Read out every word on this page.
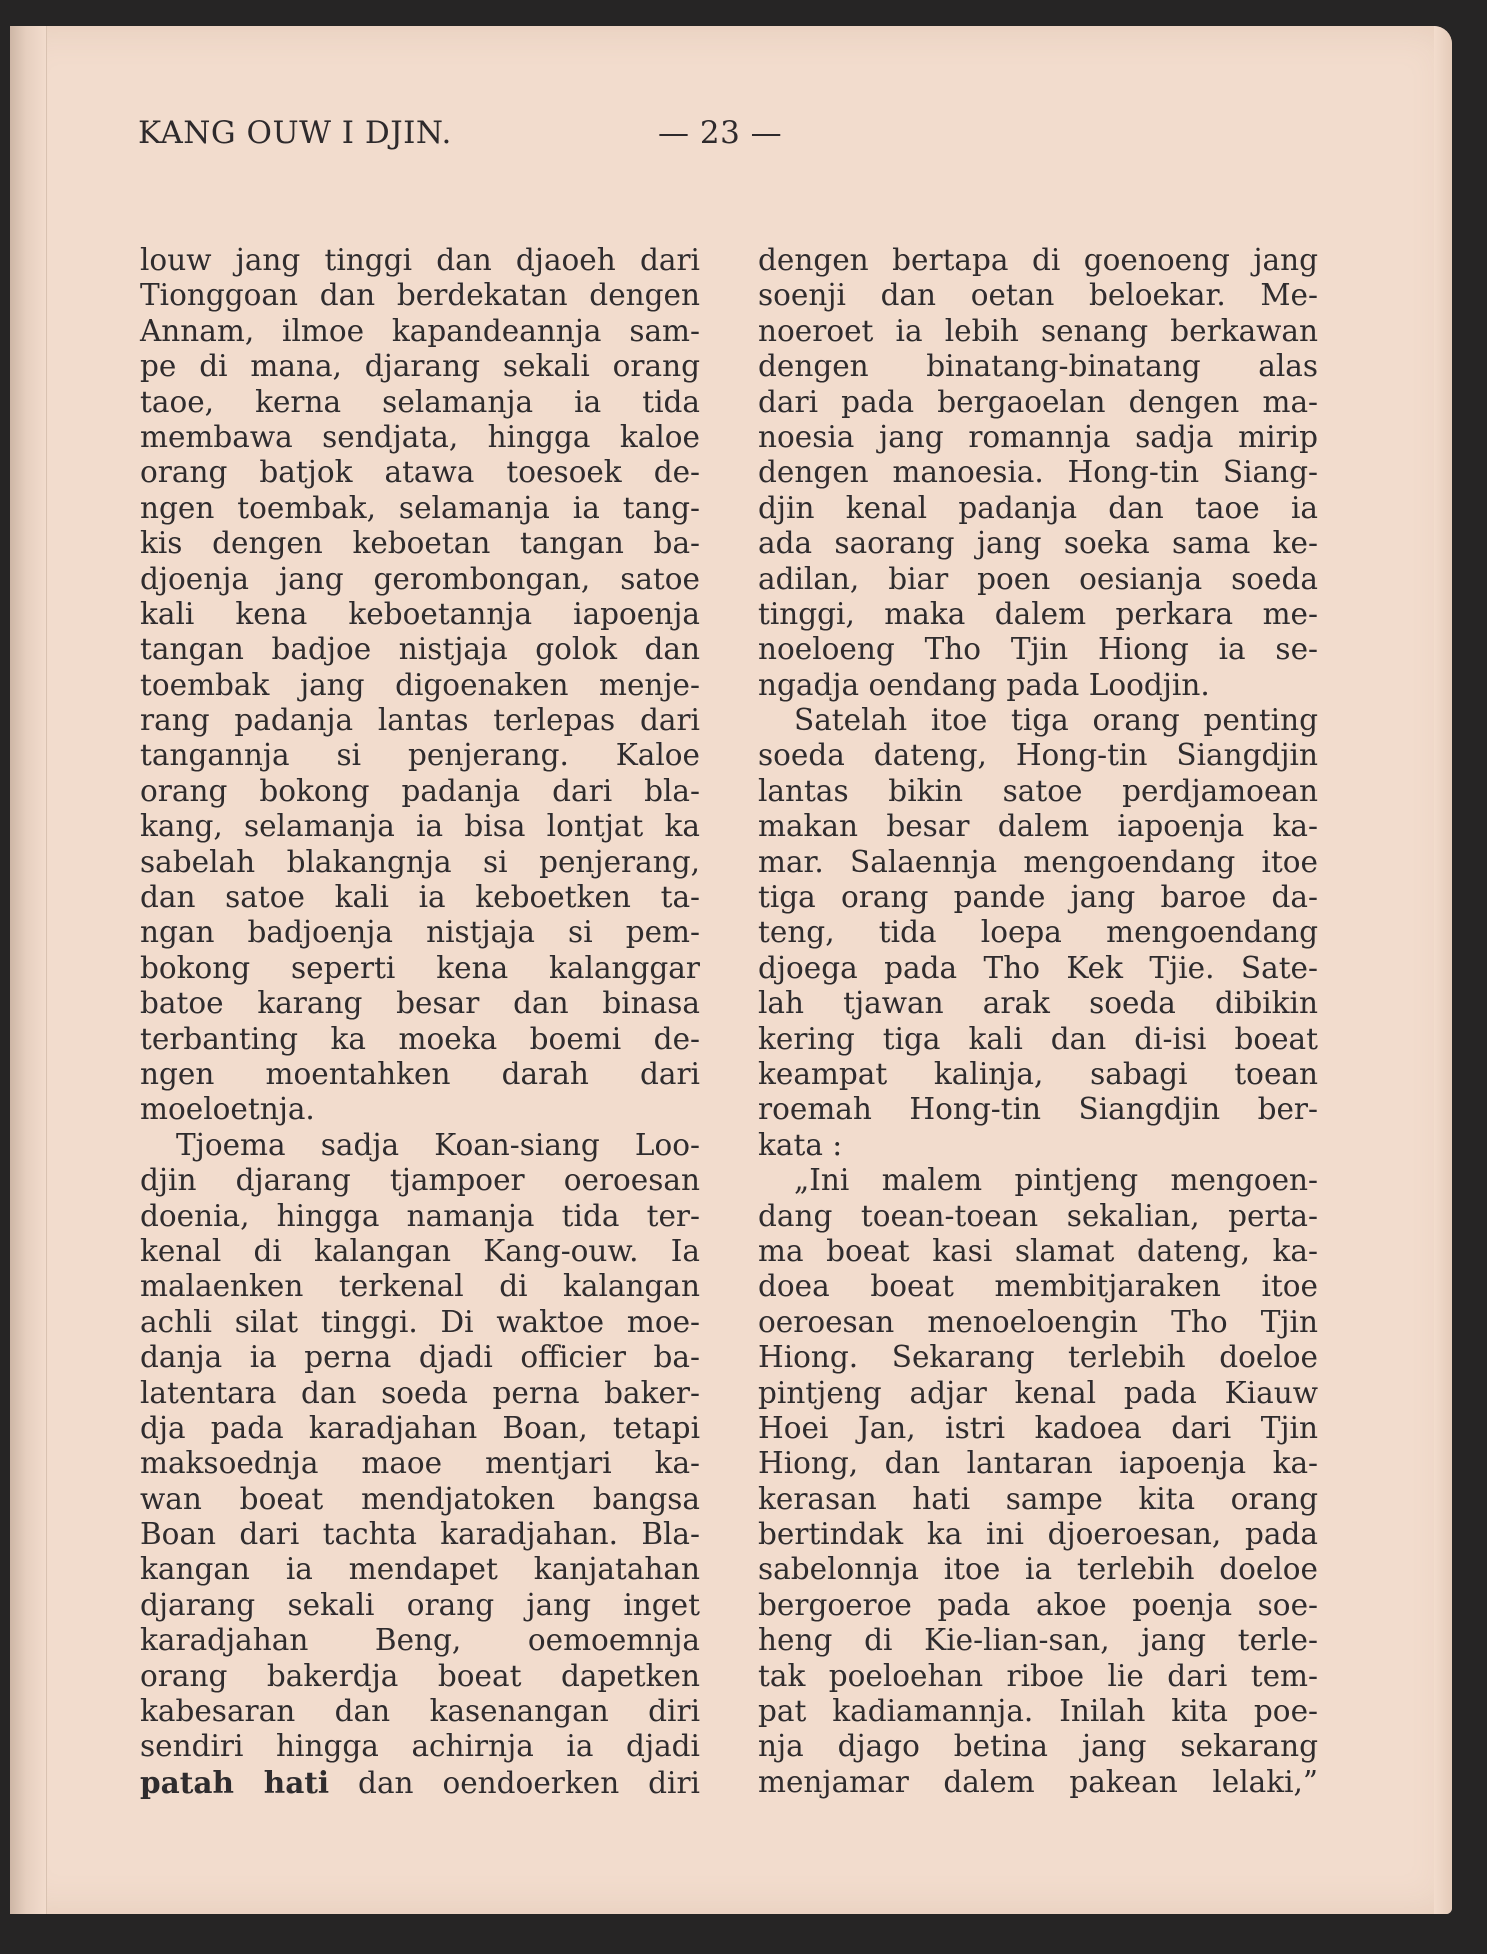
KANG OUW I DJIN.	— 23 —
louw jang tinggi dan djaoeh dari
Tionggoan dan berdekatan dengen
Annam, ilmoe kapandeannja sam-
pe di mana, djarang sekali orang
taoe, kerna selamanja ia tida
membawa sendjata, hingga kaloe
orang batjok atawa toesoek de-
ngen toembak, selamanja ia tang-
kis dengen keboetan tangan ba-
djoenja jang gerombongan, satoe
kali kena keboetannja iapoenja
tangan badjoe nistjaja golok dan
toembak jang digoenaken menje-
rang padanja lantas terlepas dari
tangannja si penjerang. Kaloe
orang bokong padanja dari bla-
kang, selamanja ia bisa lontjat ka
sabelah blakangnja si penjerang,
dan satoe kali ia keboetken ta-
ngan badjoenja nistjaja si pem-
bokong seperti kena kalanggar
batoe karang besar dan binasa
terbanting ka moeka boemi de-
ngen moentahken darah dari
moeloetnja.
Tjoema sadja Koan-siang Loo-
djin djarang tjampoer oeroesan
doenia, hingga namanja tida ter-
kenal di kalangan Kang-ouw. Ia
malaenken terkenal di kalangan
achli silat tinggi. Di waktoe moe-
danja ia perna djadi officier ba-
latentara dan soeda perna baker-
dja pada karadjahan Boan, tetapi
maksoednja maoe mentjari ka-
wan boeat mendjatoken bangsa
Boan dari tachta karadjahan. Bla-
kangan ia mendapet kanjatahan
djarang sekali orang jang inget
karadjahan Beng, oemoemnja
orang bakerdja boeat dapetken
kabesaran dan kasenangan diri
sendiri hingga achirnja ia djadi
patah hati dan oendoerken diri
dengen bertapa di goenoeng jang
soenji dan oetan beloekar. Me-
noeroet ia lebih senang berkawan
dengen binatang-binatang alas
dari pada bergaoelan dengen ma-
noesia jang romannja sadja mirip
dengen manoesia. Hong-tin Siang-
djin kenal padanja dan taoe ia
ada saorang jang soeka sama ke-
adilan, biar poen oesianja soeda
tinggi, maka dalem perkara me-
noeloeng Tho Tjin Hiong ia se-
ngadja oendang pada Loodjin.
Satelah itoe tiga orang penting
soeda dateng, Hong-tin Siangdjin
lantas bikin satoe perdjamoean
makan besar dalem iapoenja ka-
mar. Salaennja mengoendang itoe
tiga orang pande jang baroe da-
teng, tida loepa mengoendang
djoega pada Tho Kek Tjie. Sate-
lah tjawan arak soeda dibikin
kering tiga kali dan di-isi boeat
keampat kalinja, sabagi toean
roemah Hong-tin Siangdjin ber-
kata :
„Ini malem pintjeng mengoen-
dang toean-toean sekalian, perta-
ma boeat kasi slamat dateng, ka-
doea boeat membitjaraken itoe
oeroesan menoeloengin Tho Tjin
Hiong. Sekarang terlebih doeloe
pintjeng adjar kenal pada Kiauw
Hoei Jan, istri kadoea dari Tjin
Hiong, dan lantaran iapoenja ka-
kerasan hati sampe kita orang
bertindak ka ini djoeroesan, pada
sabelonnja itoe ia terlebih doeloe
bergoeroe pada akoe poenja soe-
heng di Kie-lian-san, jang terle-
tak poeloehan riboe lie dari tem-
pat kadiamannja. Inilah kita poe-
nja djago betina jang sekarang
menjamar dalem pakean lelaki,”
